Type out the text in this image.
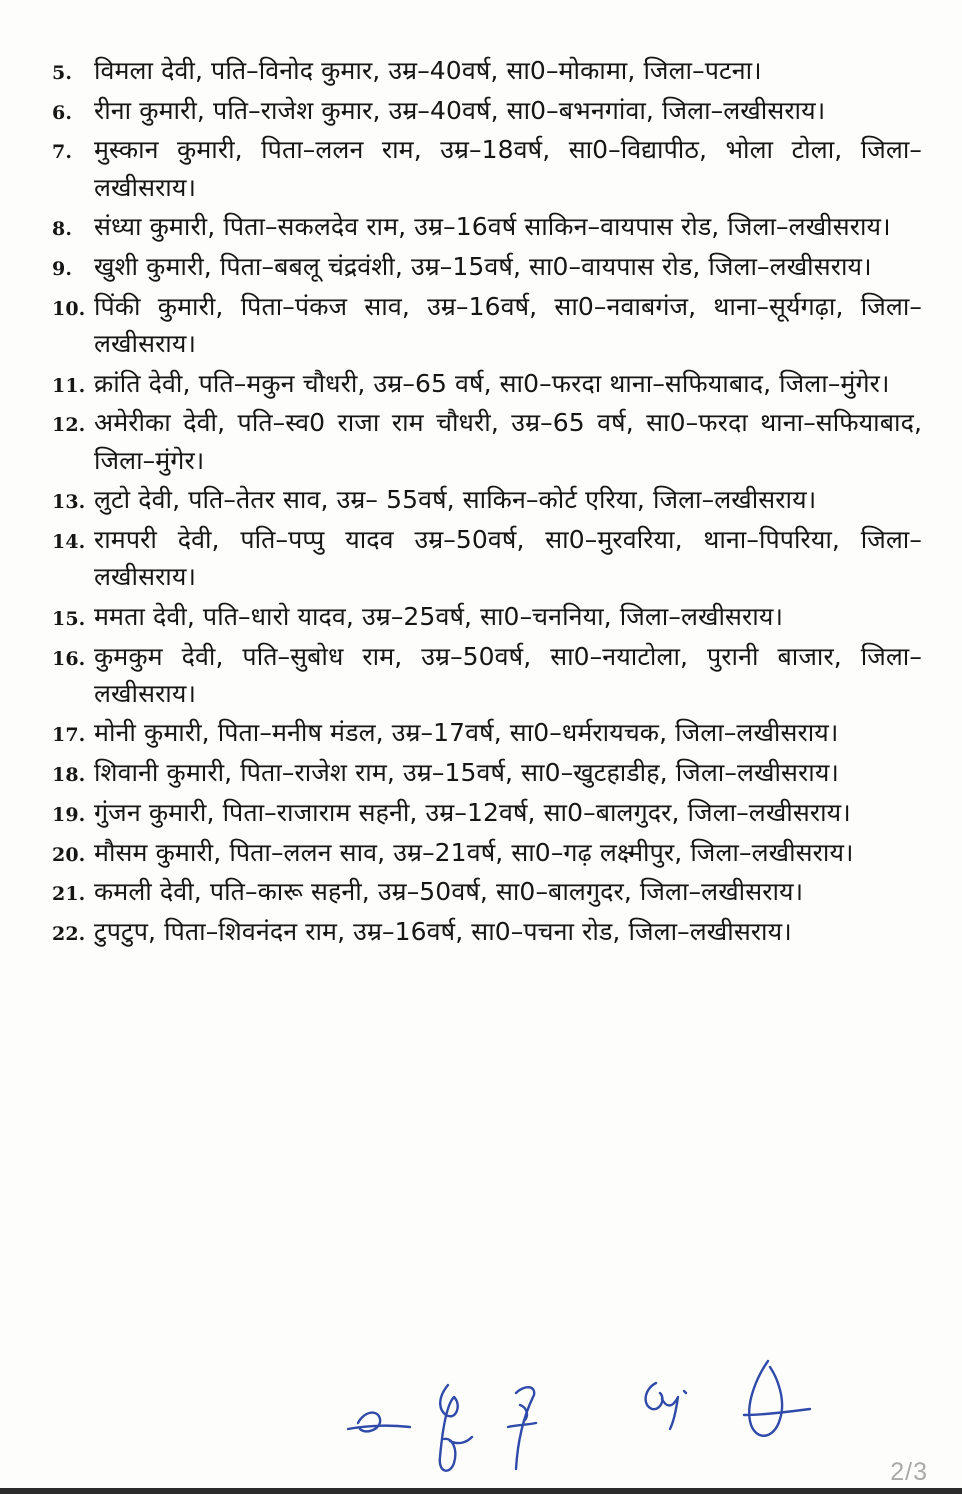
5. विमला देवी, पति–विनोद कुमार, उम्र–40वर्ष, सा0–मोकामा, जिला–पटना।
6. रीना कुमारी, पति–राजेश कुमार, उम्र–40वर्ष, सा0–बभनगांवा, जिला–लखीसराय।
7. मुस्कान कुमारी, पिता–ललन राम, उम्र–18वर्ष, सा0–विद्यापीठ, भोला टोला, जिला–लखीसराय।
8. संध्या कुमारी, पिता–सकलदेव राम, उम्र–16वर्ष साकिन–वायपास रोड, जिला–लखीसराय।
9. खुशी कुमारी, पिता–बबलू चंद्रवंशी, उम्र–15वर्ष, सा0–वायपास रोड, जिला–लखीसराय।
10. पिंकी कुमारी, पिता–पंकज साव, उम्र–16वर्ष, सा0–नवाबगंज, थाना–सूर्यगढ़ा, जिला–लखीसराय।
11. क्रांति देवी, पति–मकुन चौधरी, उम्र–65 वर्ष, सा0–फरदा थाना–सफियाबाद, जिला–मुंगेर।
12. अमेरीका देवी, पति–स्व0 राजा राम चौधरी, उम्र–65 वर्ष, सा0–फरदा थाना–सफियाबाद, जिला–मुंगेर।
13. लुटो देवी, पति–तेतर साव, उम्र– 55वर्ष, साकिन–कोर्ट एरिया, जिला–लखीसराय।
14. रामपरी देवी, पति–पप्पु यादव उम्र–50वर्ष, सा0–मुरवरिया, थाना–पिपरिया, जिला–लखीसराय।
15. ममता देवी, पति–धारो यादव, उम्र–25वर्ष, सा0–चननिया, जिला–लखीसराय।
16. कुमकुम देवी, पति–सुबोध राम, उम्र–50वर्ष, सा0–नयाटोला, पुरानी बाजार, जिला–लखीसराय।
17. मोनी कुमारी, पिता–मनीष मंडल, उम्र–17वर्ष, सा0–धर्मरायचक, जिला–लखीसराय।
18. शिवानी कुमारी, पिता–राजेश राम, उम्र–15वर्ष, सा0–खुटहाडीह, जिला–लखीसराय।
19. गुंजन कुमारी, पिता–राजाराम सहनी, उम्र–12वर्ष, सा0–बालगुदर, जिला–लखीसराय।
20. मौसम कुमारी, पिता–ललन साव, उम्र–21वर्ष, सा0–गढ़ लक्ष्मीपुर, जिला–लखीसराय।
21. कमली देवी, पति–कारू सहनी, उम्र–50वर्ष, सा0–बालगुदर, जिला–लखीसराय।
22. टुपटुप, पिता–शिवनंदन राम, उम्र–16वर्ष, सा0–पचना रोड, जिला–लखीसराय।
2/3
